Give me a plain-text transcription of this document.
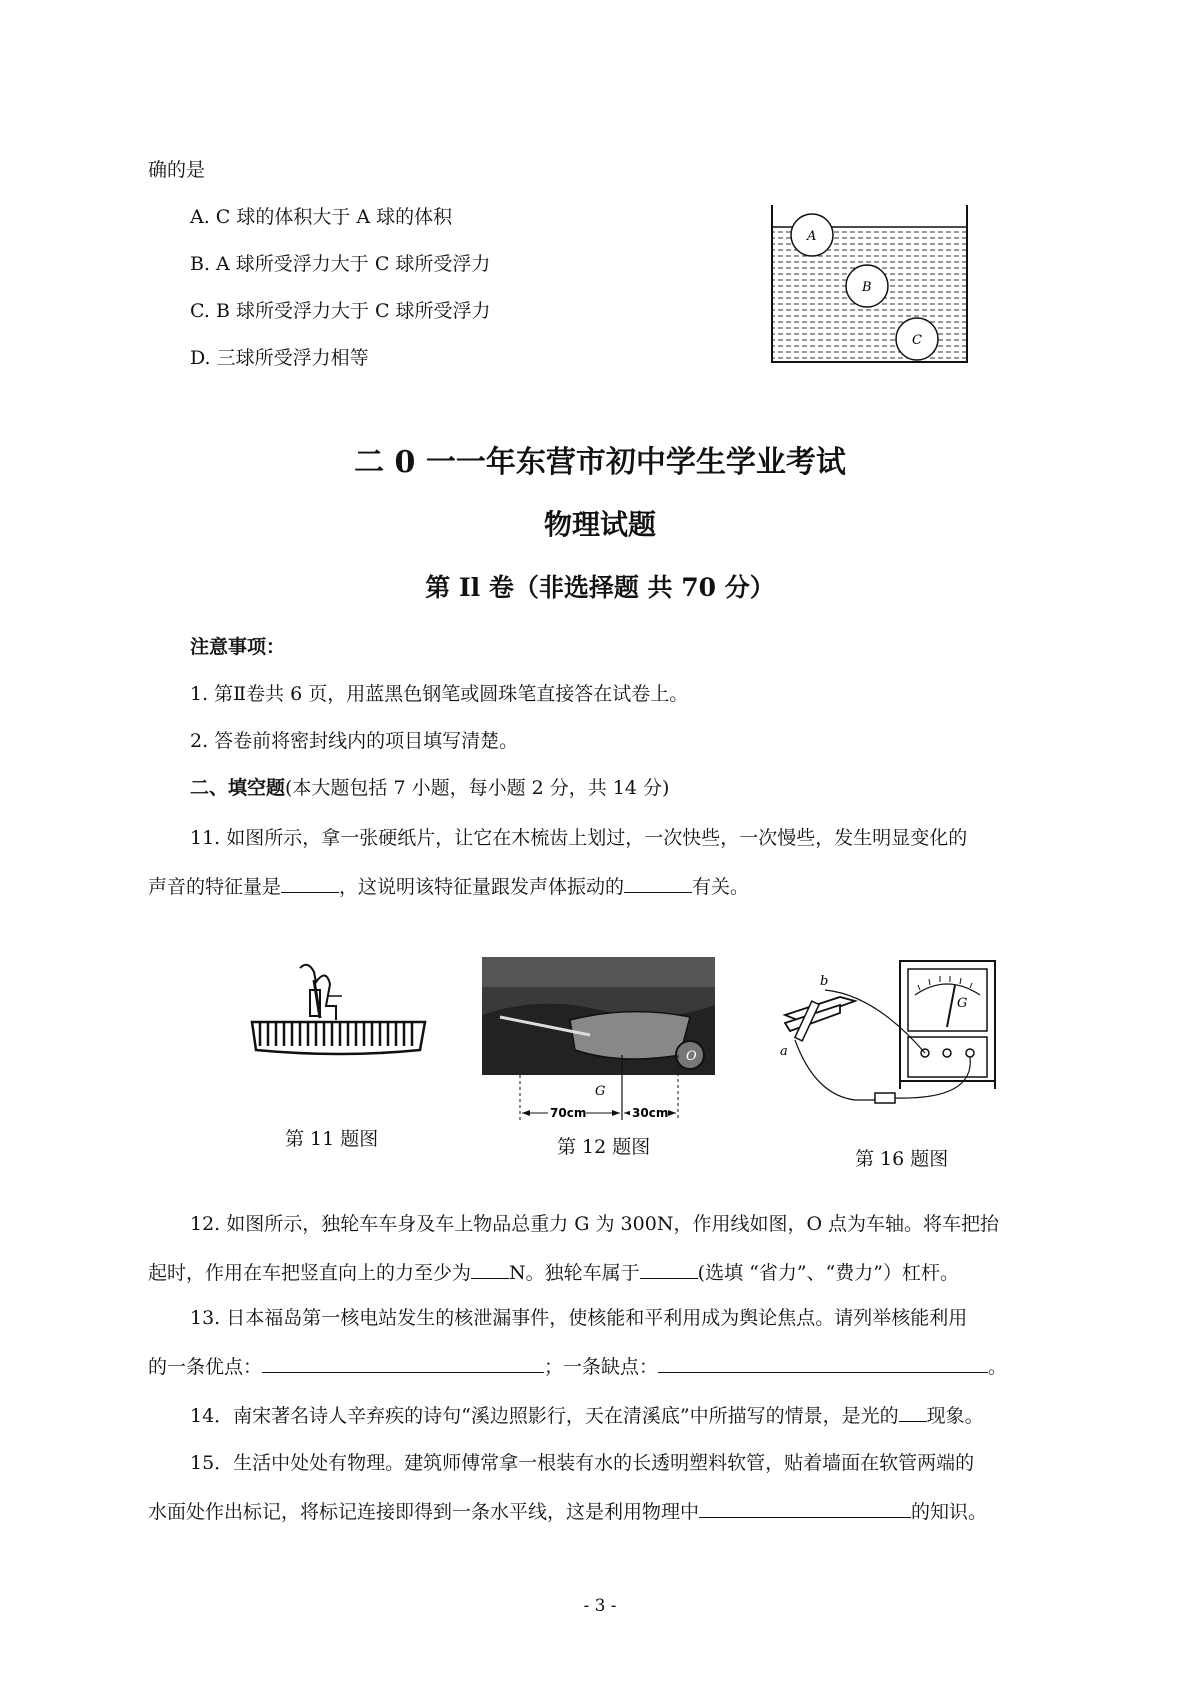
确的是
A. C 球的体积大于 A 球的体积
B. A 球所受浮力大于 C 球所受浮力
C. B 球所受浮力大于 C 球所受浮力
D. 三球所受浮力相等
A
B
C
二 0 一一年东营市初中学生学业考试
物理试题
第 Il 卷（非选择题 共 70 分）
注意事项：
1. 第Ⅱ卷共 6 页，用蓝黑色钢笔或圆珠笔直接答在试卷上。
2. 答卷前将密封线内的项目填写清楚。
二、填空题(本大题包括 7 小题，每小题 2 分，共 14 分)
11. 如图所示，拿一张硬纸片，让它在木梳齿上划过，一次快些，一次慢些，发生明显变化的
声音的特征量是	，这说明该特征量跟发声体振动的	有关。
第 11 题图
O
G
70cm	30cm
第 12 题图
G
a
b
第 16 题图
12. 如图所示，独轮车车身及车上物品总重力 G 为 300N，作用线如图，O 点为车轴。将车把抬
起时，作用在车把竖直向上的力至少为 N。独轮车属于	(选填 “省力”、“费力”）杠杆。
13. 日本福岛第一核电站发生的核泄漏事件，使核能和平利用成为舆论焦点。请列举核能利用
的一条优点：	；一条缺点：	。
14．南宋著名诗人辛弃疾的诗句“溪边照影行，天在清溪底”中所描写的情景，是光的 现象。
15．生活中处处有物理。建筑师傅常拿一根装有水的长透明塑料软管，贴着墙面在软管两端的
水面处作出标记，将标记连接即得到一条水平线，这是利用物理中	的知识。
- 3 -
